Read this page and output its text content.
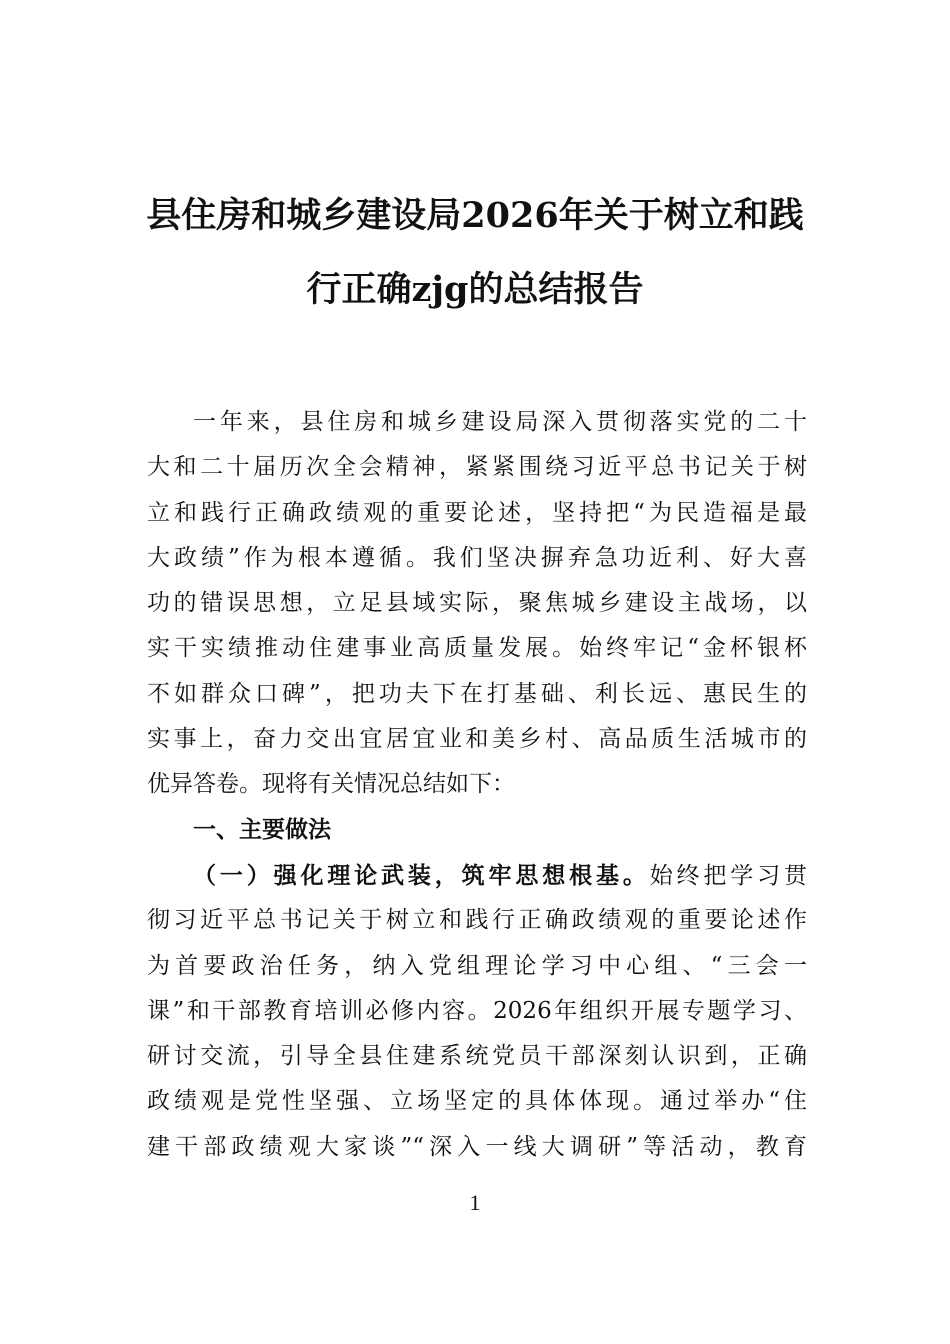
县住房和城乡建设局2026年关于树立和践
行正确zjg的总结报告
一年来，县住房和城乡建设局深入贯彻落实党的二十
大和二十届历次全会精神，紧紧围绕习近平总书记关于树
立和践行正确政绩观的重要论述，坚持把“为民造福是最
大政绩”作为根本遵循。我们坚决摒弃急功近利、好大喜
功的错误思想，立足县域实际，聚焦城乡建设主战场，以
实干实绩推动住建事业高质量发展。始终牢记“金杯银杯
不如群众口碑”，把功夫下在打基础、利长远、惠民生的
实事上，奋力交出宜居宜业和美乡村、高品质生活城市的
优异答卷。现将有关情况总结如下：
一、主要做法
（一）强化理论武装，筑牢思想根基。始终把学习贯
彻习近平总书记关于树立和践行正确政绩观的重要论述作
为首要政治任务，纳入党组理论学习中心组、“三会一
课”和干部教育培训必修内容。2026年组织开展专题学习、
研讨交流，引导全县住建系统党员干部深刻认识到，正确
政绩观是党性坚强、立场坚定的具体体现。通过举办“住
建干部政绩观大家谈”“深入一线大调研”等活动，教育
1
